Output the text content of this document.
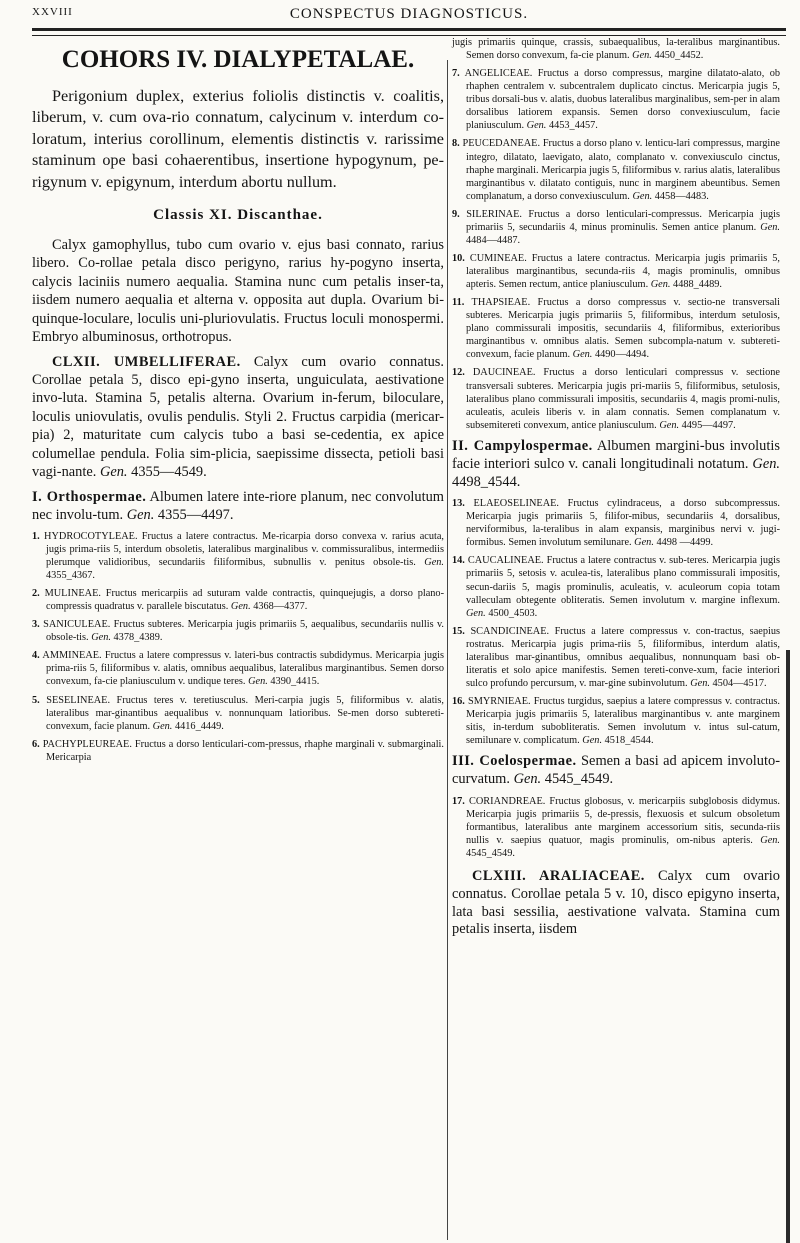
XXVIII	CONSPECTUS DIAGNOSTICUS.
COHORS IV. DIALYPETALAE.

Perigonium duplex, exterius foliolis distinctis v. coalitis, liberum, v. cum ova-rio connatum, calycinum v. interdum co-loratum, interius corollinum, elementis distinctis v. rarissime staminum ope basi cohaerentibus, insertione hypogynum, pe-rigynum v. epigynum, interdum abortu nullum.

Classis XI. Discanthae.

Calyx gamophyllus, tubo cum ovario v. ejus basi connato, rarius libero. Co-rollae petala disco perigyno, rarius hy-pogyno inserta, calycis laciniis numero aequalia. Stamina nunc cum petalis inser-ta, iisdem numero aequalia et alterna v. opposita aut dupla. Ovarium bi-quinque-loculare, loculis uni-pluriovulatis. Fructus loculi monospermi. Embryo albuminosus, orthotropus.

CLXII. UMBELLIFERAE. Calyx cum ovario connatus. Corollae petala 5, disco epi-gyno inserta, unguiculata, aestivatione invo-luta. Stamina 5, petalis alterna. Ovarium in-ferum, biloculare, loculis uniovulatis, ovulis pendulis. Styli 2. Fructus carpidia (mericar-pia) 2, maturitate cum calycis tubo a basi se-cedentia, ex apice columellae pendula. Folia sim-plicia, saepissime dissecta, petioli basi vagi-nante. Gen. 4355—4549.

I. Orthospermae. Albumen latere inte-riore planum, nec convolutum nec involu-tum. Gen. 4355—4497.

1. HYDROCOTYLEAE. Fructus a latere contractus. Me-ricarpia dorso convexa v. rarius acuta, jugis prima-riis 5, interdum obsoletis, lateralibus marginalibus v. commissuralibus, intermediis plerumque validioribus, secundariis filiformibus, subnullis v. penitus obsole-tis. Gen. 4355_4367.

2. MULINEAE. Fructus mericarpiis ad suturam valde contractis, quinquejugis, a dorso plano-compressis quadratus v. parallele biscutatus. Gen. 4368—4377.

3. SANICULEAE. Fructus subteres. Mericarpia jugis primariis 5, aequalibus, secundariis nullis v. obsole-tis. Gen. 4378_4389.

4. AMMINEAE. Fructus a latere compressus v. lateri-bus contractis subdidymus. Mericarpia jugis prima-riis 5, filiformibus v. alatis, omnibus aequalibus, lateralibus marginantibus. Semen dorso convexum, fa-cie planiusculum v. undique teres. Gen. 4390_4415.

5. SESELINEAE. Fructus teres v. teretiusculus. Meri-carpia jugis 5, filiformibus v. alatis, lateralibus mar-ginantibus aequalibus v. nonnunquam latioribus. Se-men dorso subtereti-convexum, facie planum. Gen. 4416_4449.

6. PACHYPLEUREAE. Fructus a dorso lenticulari-com-pressus, rhaphe marginali v. submarginali. Mericarpia

jugis primariis quinque, crassis, subaequalibus, la-teralibus marginantibus. Semen dorso convexum, fa-cie planum. Gen. 4450_4452.

7. ANGELICEAE. Fructus a dorso compressus, margine dilatato-alato, ob rhaphen centralem v. subcentralem duplicato cinctus. Mericarpia jugis 5, tribus dorsali-bus v. alatis, duobus lateralibus marginalibus, sem-per in alam dorsalibus latiorem expansis. Semen dorso convexiusculum, facie planiusculum. Gen. 4453_4457.

8. PEUCEDANEAE. Fructus a dorso plano v. lenticu-lari compressus, margine integro, dilatato, laevigato, alato, complanato v. convexiusculo cinctus, rhaphe marginali. Mericarpia jugis 5, filiformibus v. rarius alatis, lateralibus marginantibus v. dilatato contiguis, nunc in marginem abeuntibus. Semen complanatum, a dorso convexiusculum. Gen. 4458—4483.

9. SILERINAE. Fructus a dorso lenticulari-compressus. Mericarpia jugis primariis 5, secundariis 4, minus prominulis. Semen antice planum. Gen. 4484—4487.

10. CUMINEAE. Fructus a latere contractus. Mericarpia jugis primariis 5, lateralibus marginantibus, secunda-riis 4, magis prominulis, omnibus apteris. Semen rectum, antice planiusculum. Gen. 4488_4489.

11. THAPSIEAE. Fructus a dorso compressus v. sectio-ne transversali subteres. Mericarpia jugis primariis 5, filiformibus, interdum setulosis, plano commissurali impositis, secundariis 4, filiformibus, exterioribus marginantibus v. omnibus alatis. Semen subcompla-natum v. subtereti-convexum, facie planum. Gen. 4490—4494.

12. DAUCINEAE. Fructus a dorso lenticulari compressus v. sectione transversali subteres. Mericarpia jugis pri-mariis 5, filiformibus, setulosis, lateralibus plano commissurali impositis, secundariis 4, magis promi-nulis, aculeatis, aculeis liberis v. in alam connatis. Semen complanatum v. subsemitereti convexum, antice planiusculum. Gen. 4495—4497.

II. Campylospermae. Albumen margini-bus involutis facie interiori sulco v. canali longitudinali notatum. Gen. 4498_4544.

13. ELAEOSELINEAE. Fructus cylindraceus, a dorso subcompressus. Mericarpia jugis primariis 5, filifor-mibus, secundariis 4, dorsalibus, nerviformibus, la-teralibus in alam expansis, marginibus nervi v. jugi-formibus. Semen involutum semilunare. Gen. 4498 —4499.

14. CAUCALINEAE. Fructus a latere contractus v. sub-teres. Mericarpia jugis primariis 5, setosis v. aculea-tis, lateralibus plano commissurali impositis, secun-dariis 5, magis prominulis, aculeatis, v. aculeorum copia totam valleculam obtegente obliteratis. Semen involutum v. margine inflexum. Gen. 4500_4503.

15. SCANDICINEAE. Fructus a latere compressus v. con-tractus, saepius rostratus. Mericarpia jugis prima-riis 5, filiformibus, interdum alatis, lateralibus mar-ginantibus, omnibus aequalibus, nonnunquam basi ob-literatis et solo apice manifestis. Semen tereti-conve-xum, facie interiori sulco profundo percursum, v. mar-gine subinvolutum. Gen. 4504—4517.

16. SMYRNIEAE. Fructus turgidus, saepius a latere compressus v. contractus. Mericarpia jugis primariis 5, lateralibus marginantibus v. ante marginem sitis, in-terdum subobliteratis. Semen involutum v. intus sul-catum, semilunare v. complicatum. Gen. 4518_4544.

III. Coelospermae. Semen a basi ad apicem involuto-curvatum. Gen. 4545_4549.

17. CORIANDREAE. Fructus globosus, v. mericarpiis subglobosis didymus. Mericarpia jugis primariis 5, de-pressis, flexuosis et sulcum obsoletum formantibus, lateralibus ante marginem accessorium sitis, secunda-riis nullis v. saepius quatuor, magis prominulis, om-nibus apteris. Gen. 4545_4549.

CLXIII. ARALIACEAE. Calyx cum ovario connatus. Corollae petala 5 v. 10, disco epigyno inserta, lata basi sessilia, aestivatione valvata. Stamina cum petalis inserta, iisdem
